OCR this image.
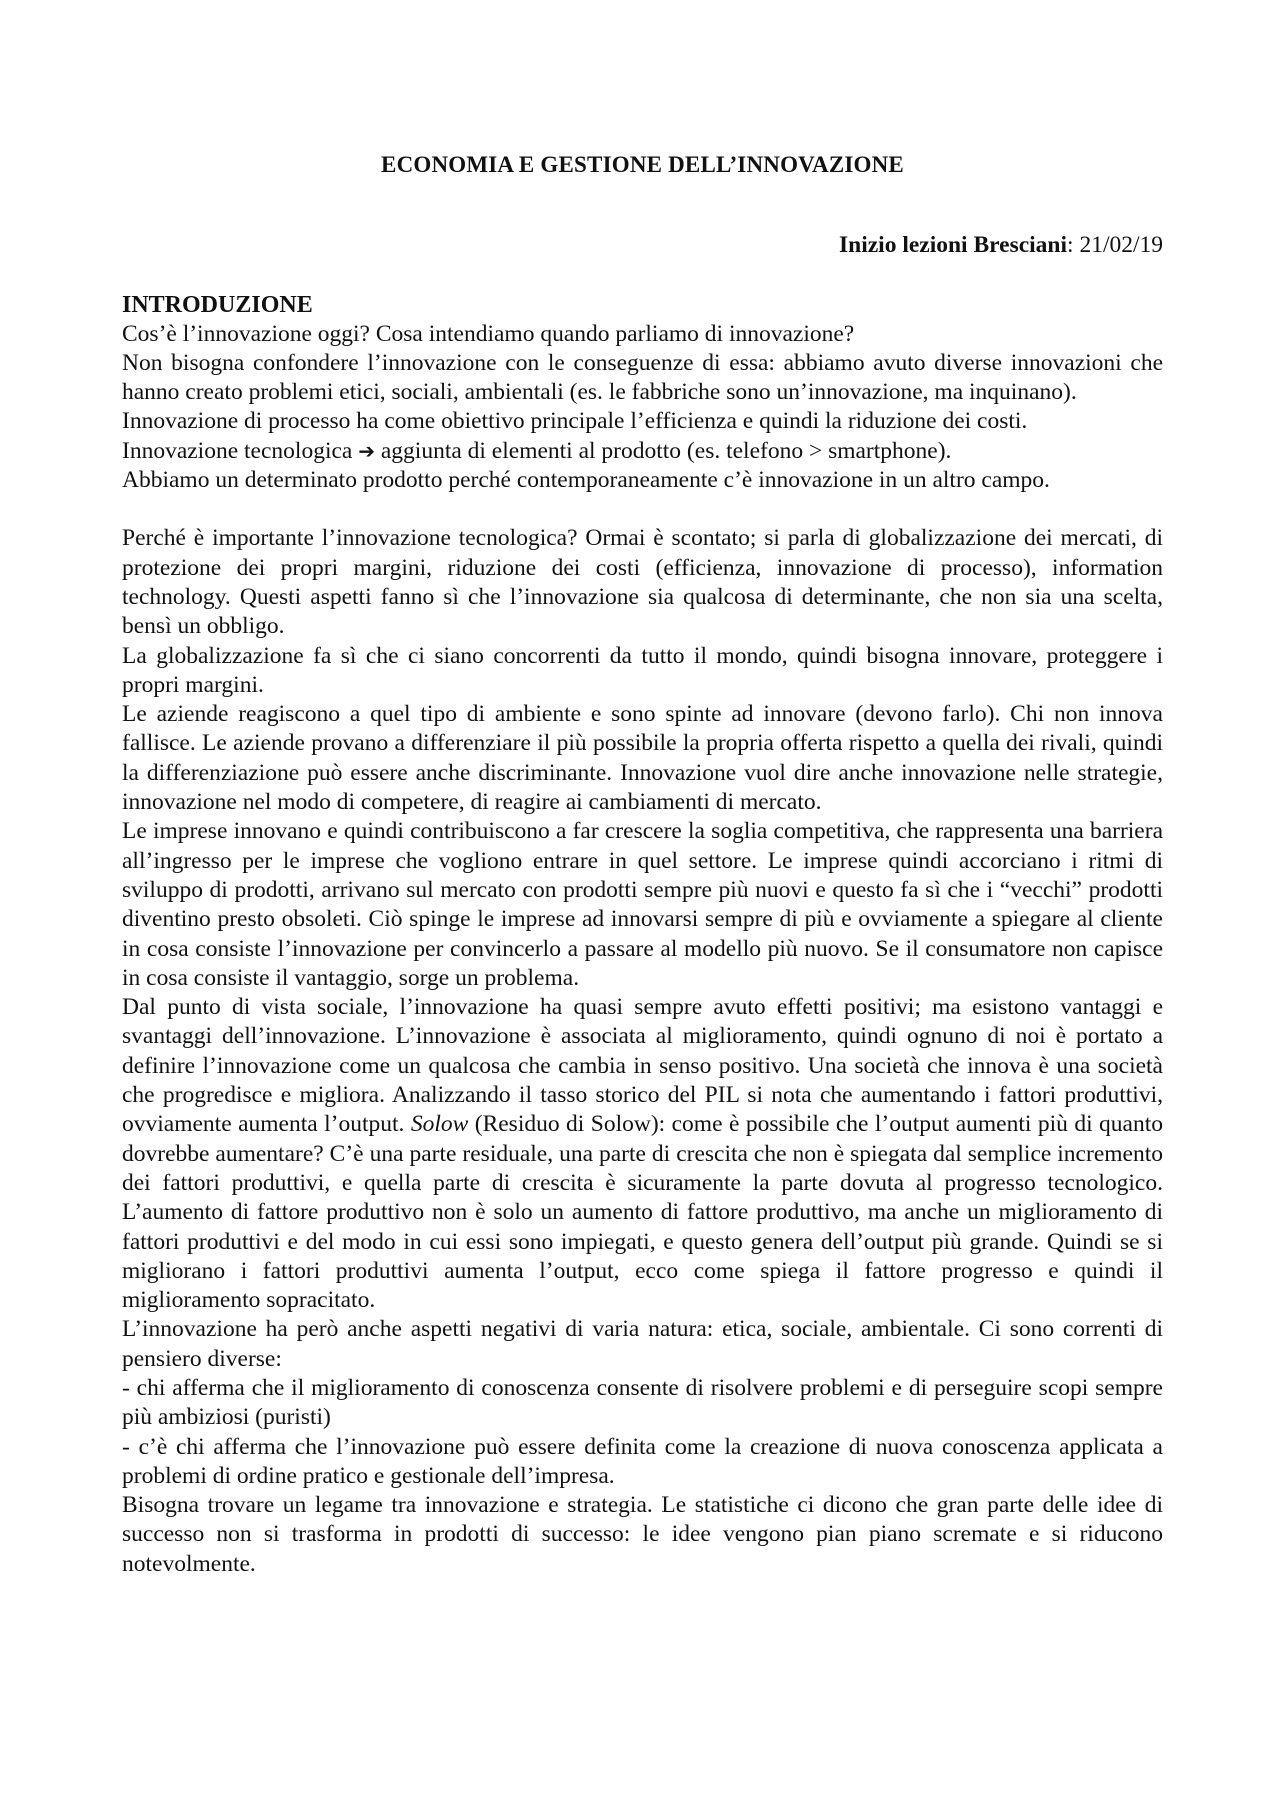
ECONOMIA E GESTIONE DELL’INNOVAZIONE
Inizio lezioni Bresciani: 21/02/19
INTRODUZIONE

Cos’è l’innovazione oggi? Cosa intendiamo quando parliamo di innovazione?

Non bisogna confondere l’innovazione con le conseguenze di essa: abbiamo avuto diverse innovazioni che hanno creato problemi etici, sociali, ambientali (es. le fabbriche sono un’innovazione, ma inquinano).

Innovazione di processo ha come obiettivo principale l’efficienza e quindi la riduzione dei costi.

Innovazione tecnologica ➔ aggiunta di elementi al prodotto (es. telefono > smartphone).

Abbiamo un determinato prodotto perché contemporaneamente c’è innovazione in un altro campo.

Perché è importante l’innovazione tecnologica? Ormai è scontato; si parla di globalizzazione dei mercati, di protezione dei propri margini, riduzione dei costi (efficienza, innovazione di processo), information technology. Questi aspetti fanno sì che l’innovazione sia qualcosa di determinante, che non sia una scelta, bensì un obbligo.

La globalizzazione fa sì che ci siano concorrenti da tutto il mondo, quindi bisogna innovare, proteggere i propri margini.

Le aziende reagiscono a quel tipo di ambiente e sono spinte ad innovare (devono farlo). Chi non innova fallisce. Le aziende provano a differenziare il più possibile la propria offerta rispetto a quella dei rivali, quindi la differenziazione può essere anche discriminante. Innovazione vuol dire anche innovazione nelle strategie, innovazione nel modo di competere, di reagire ai cambiamenti di mercato.

Le imprese innovano e quindi contribuiscono a far crescere la soglia competitiva, che rappresenta una barriera all’ingresso per le imprese che vogliono entrare in quel settore. Le imprese quindi accorciano i ritmi di sviluppo di prodotti, arrivano sul mercato con prodotti sempre più nuovi e questo fa sì che i “vecchi” prodotti diventino presto obsoleti. Ciò spinge le imprese ad innovarsi sempre di più e ovviamente a spiegare al cliente in cosa consiste l’innovazione per convincerlo a passare al modello più nuovo. Se il consumatore non capisce in cosa consiste il vantaggio, sorge un problema.

Dal punto di vista sociale, l’innovazione ha quasi sempre avuto effetti positivi; ma esistono vantaggi e svantaggi dell’innovazione. L’innovazione è associata al miglioramento, quindi ognuno di noi è portato a definire l’innovazione come un qualcosa che cambia in senso positivo. Una società che innova è una società che progredisce e migliora. Analizzando il tasso storico del PIL si nota che aumentando i fattori produttivi, ovviamente aumenta l’output. Solow (Residuo di Solow): come è possibile che l’output aumenti più di quanto dovrebbe aumentare? C’è una parte residuale, una parte di crescita che non è spiegata dal semplice incremento dei fattori produttivi, e quella parte di crescita è sicuramente la parte dovuta al progresso tecnologico. L’aumento di fattore produttivo non è solo un aumento di fattore produttivo, ma anche un miglioramento di fattori produttivi e del modo in cui essi sono impiegati, e questo genera dell’output più grande. Quindi se si migliorano i fattori produttivi aumenta l’output, ecco come spiega il fattore progresso e quindi il miglioramento sopracitato.

L’innovazione ha però anche aspetti negativi di varia natura: etica, sociale, ambientale. Ci sono correnti di pensiero diverse:

- chi afferma che il miglioramento di conoscenza consente di risolvere problemi e di perseguire scopi sempre più ambiziosi (puristi)

- c’è chi afferma che l’innovazione può essere definita come la creazione di nuova conoscenza applicata a problemi di ordine pratico e gestionale dell’impresa.

Bisogna trovare un legame tra innovazione e strategia. Le statistiche ci dicono che gran parte delle idee di successo non si trasforma in prodotti di successo: le idee vengono pian piano scremate e si riducono notevolmente.
